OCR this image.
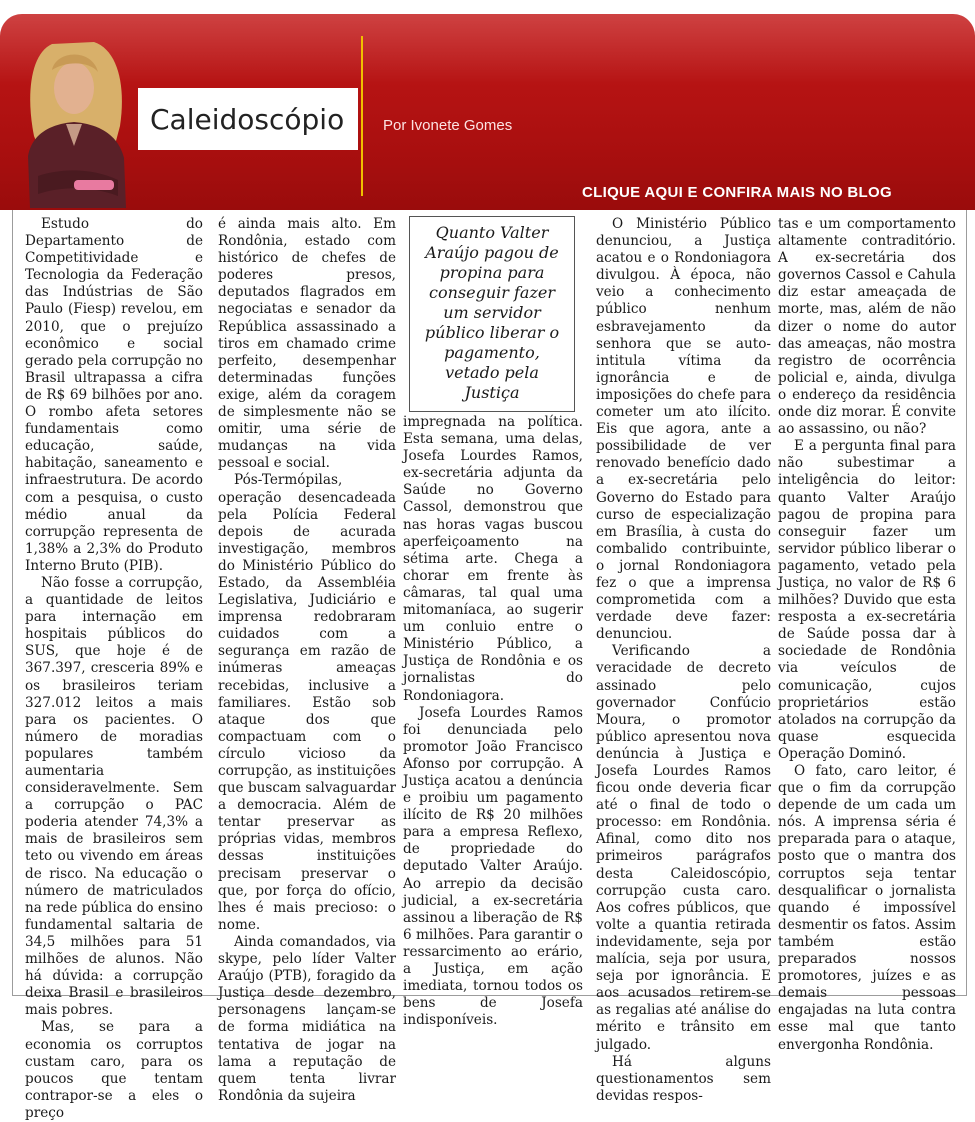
Caleidoscópio	Por Ivonete Gomes
CLIQUE AQUI E CONFIRA MAIS NO BLOG

Estudo do Departamento de Competitividade e Tecnologia da Federação das Indústrias de São Paulo (Fiesp) revelou, em 2010, que o prejuízo econômico e social gerado pela corrupção no Brasil ultrapassa a cifra de R$ 69 bilhões por ano. O rombo afeta setores fundamentais como educação, saúde, habitação, saneamento e infraestrutura. De acordo com a pesquisa, o custo médio anual da corrupção representa de 1,38% a 2,3% do Produto Interno Bruto (PIB).

Não fosse a corrupção, a quantidade de leitos para internação em hospitais públicos do SUS, que hoje é de 367.397, cresceria 89% e os brasileiros teriam 327.012 leitos a mais para os pacientes. O número de moradias populares também aumentaria consideravelmente. Sem a corrupção o PAC poderia atender 74,3% a mais de brasileiros sem teto ou vivendo em áreas de risco. Na educação o número de matriculados na rede pública do ensino fundamental saltaria de 34,5 milhões para 51 milhões de alunos. Não há dúvida: a corrupção deixa Brasil e brasileiros mais pobres.

Mas, se para a economia os corruptos custam caro, para os poucos que tentam contrapor-se a eles o preço

é ainda mais alto. Em Rondônia, estado com histórico de chefes de poderes presos, deputados flagrados em negociatas e senador da República assassinado a tiros em chamado crime perfeito, desempenhar determinadas funções exige, além da coragem de simplesmente não se omitir, uma série de mudanças na vida pessoal e social.

Pós-Termópilas, operação desencadeada pela Polícia Federal depois de acurada investigação, membros do Ministério Público do Estado, da Assembléia Legislativa, Judiciário e imprensa redobraram cuidados com a segurança em razão de inúmeras ameaças recebidas, inclusive a familiares. Estão sob ataque dos que compactuam com o círculo vicioso da corrupção, as instituições que buscam salvaguardar a democracia. Além de tentar preservar as próprias vidas, membros dessas instituições precisam preservar o que, por força do ofício, lhes é mais precioso: o nome.

Ainda comandados, via skype, pelo líder Valter Araújo (PTB), foragido da Justiça desde dezembro, personagens lançam-se de forma midiática na tentativa de jogar na lama a reputação de quem tenta livrar Rondônia da sujeira

Quanto Valter Araújo pagou de propina para conseguir fazer um servidor público liberar o pagamento, vetado pela Justiça

impregnada na política. Esta semana, uma delas, Josefa Lourdes Ramos, ex-secretária adjunta da Saúde no Governo Cassol, demonstrou que nas horas vagas buscou aperfeiçoamento na sétima arte. Chega a chorar em frente às câmaras, tal qual uma mitomaníaca, ao sugerir um conluio entre o Ministério Público, a Justiça de Rondônia e os jornalistas do Rondoniagora.

Josefa Lourdes Ramos foi denunciada pelo promotor João Francisco Afonso por corrupção. A Justiça acatou a denúncia e proibiu um pagamento ilícito de R$ 20 milhões para a empresa Reflexo, de propriedade do deputado Valter Araújo. Ao arrepio da decisão judicial, a ex-secretária assinou a liberação de R$ 6 milhões. Para garantir o ressarcimento ao erário, a Justiça, em ação imediata, tornou todos os bens de Josefa indisponíveis.

O Ministério Público denunciou, a Justiça acatou e o Rondoniagora divulgou. À época, não veio a conhecimento público nenhum esbravejamento da senhora que se auto-intitula vítima da ignorância e de imposições do chefe para cometer um ato ilícito. Eis que agora, ante a possibilidade de ver renovado benefício dado a ex-secretária pelo Governo do Estado para curso de especialização em Brasília, à custa do combalido contribuinte, o jornal Rondoniagora fez o que a imprensa comprometida com a verdade deve fazer: denunciou.

Verificando a veracidade de decreto assinado pelo governador Confúcio Moura, o promotor público apresentou nova denúncia à Justiça e Josefa Lourdes Ramos ficou onde deveria ficar até o final de todo o processo: em Rondônia. Afinal, como dito nos primeiros parágrafos desta Caleidoscópio, corrupção custa caro. Aos cofres públicos, que volte a quantia retirada indevidamente, seja por malícia, seja por usura, seja por ignorância. E aos acusados retirem-se as regalias até análise do mérito e trânsito em julgado.

Há alguns questionamentos sem devidas respos-

tas e um comportamento altamente contraditório. A ex-secretária dos governos Cassol e Cahula diz estar ameaçada de morte, mas, além de não dizer o nome do autor das ameaças, não mostra registro de ocorrência policial e, ainda, divulga o endereço da residência onde diz morar. É convite ao assassino, ou não?

E a pergunta final para não subestimar a inteligência do leitor: quanto Valter Araújo pagou de propina para conseguir fazer um servidor público liberar o pagamento, vetado pela Justiça, no valor de R$ 6 milhões? Duvido que esta resposta a ex-secretária de Saúde possa dar à sociedade de Rondônia via veículos de comunicação, cujos proprietários estão atolados na corrupção da quase esquecida Operação Dominó.

O fato, caro leitor, é que o fim da corrupção depende de um cada um nós. A imprensa séria é preparada para o ataque, posto que o mantra dos corruptos seja tentar desqualificar o jornalista quando é impossível desmentir os fatos. Assim também estão preparados nossos promotores, juízes e as demais pessoas engajadas na luta contra esse mal que tanto envergonha Rondônia.
